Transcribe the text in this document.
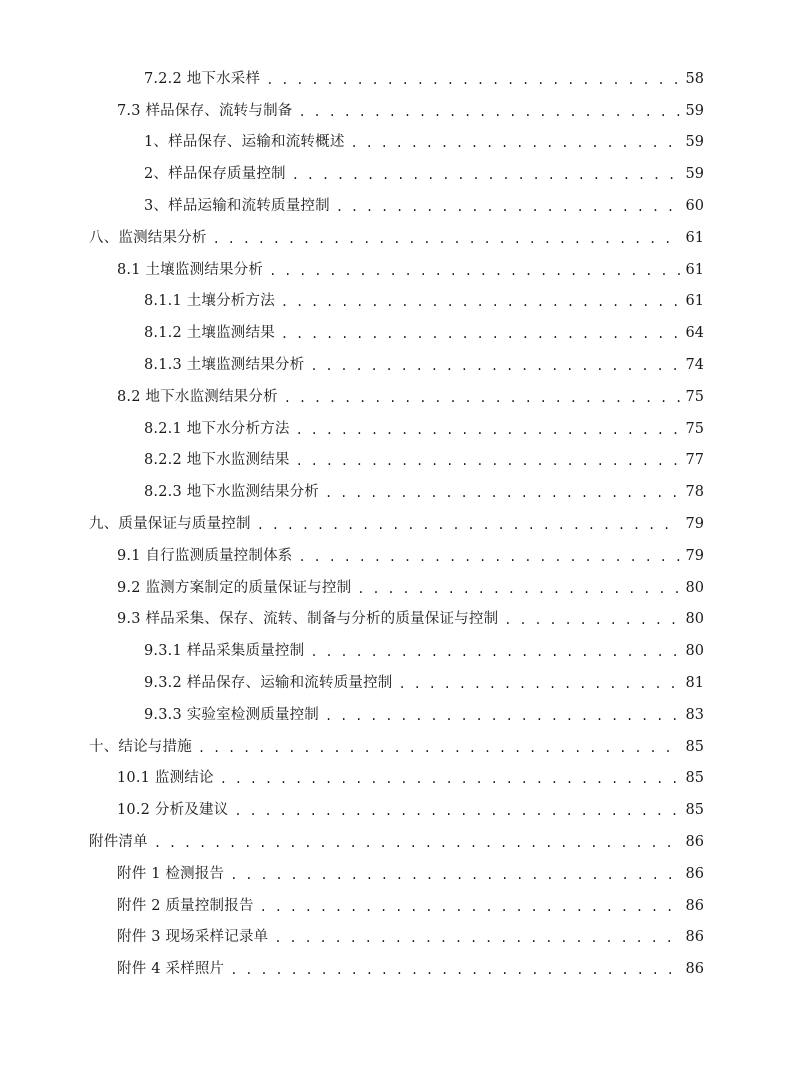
7.2.2 地下水采样 . . .	58
7.3 样品保存、流转与制备 . . .	59
1、样品保存、运输和流转概述 . . .	59
2、样品保存质量控制 . . .	59
3、样品运输和流转质量控制 . . .	60
八、监测结果分析 . . .	61
8.1 土壤监测结果分析 . . .	61
8.1.1 土壤分析方法 . . .	61
8.1.2 土壤监测结果 . . .	64
8.1.3 土壤监测结果分析 . . .	74
8.2 地下水监测结果分析 . . .	75
8.2.1 地下水分析方法 . . .	75
8.2.2 地下水监测结果 . . .	77
8.2.3 地下水监测结果分析 . . .	78
九、质量保证与质量控制 . . .	79
9.1 自行监测质量控制体系 . . .	79
9.2 监测方案制定的质量保证与控制 . . .	80
9.3 样品采集、保存、流转、制备与分析的质量保证与控制 . . .	80
9.3.1 样品采集质量控制 . . .	80
9.3.2 样品保存、运输和流转质量控制 . . .	81
9.3.3 实验室检测质量控制 . . .	83
十、结论与措施 . . .	85
10.1 监测结论 . . .	85
10.2 分析及建议 . . .	85
附件清单 . . .	86
附件 1 检测报告 . . .	86
附件 2 质量控制报告 . . .	86
附件 3 现场采样记录单 . . .	86
附件 4 采样照片 . . .	86
